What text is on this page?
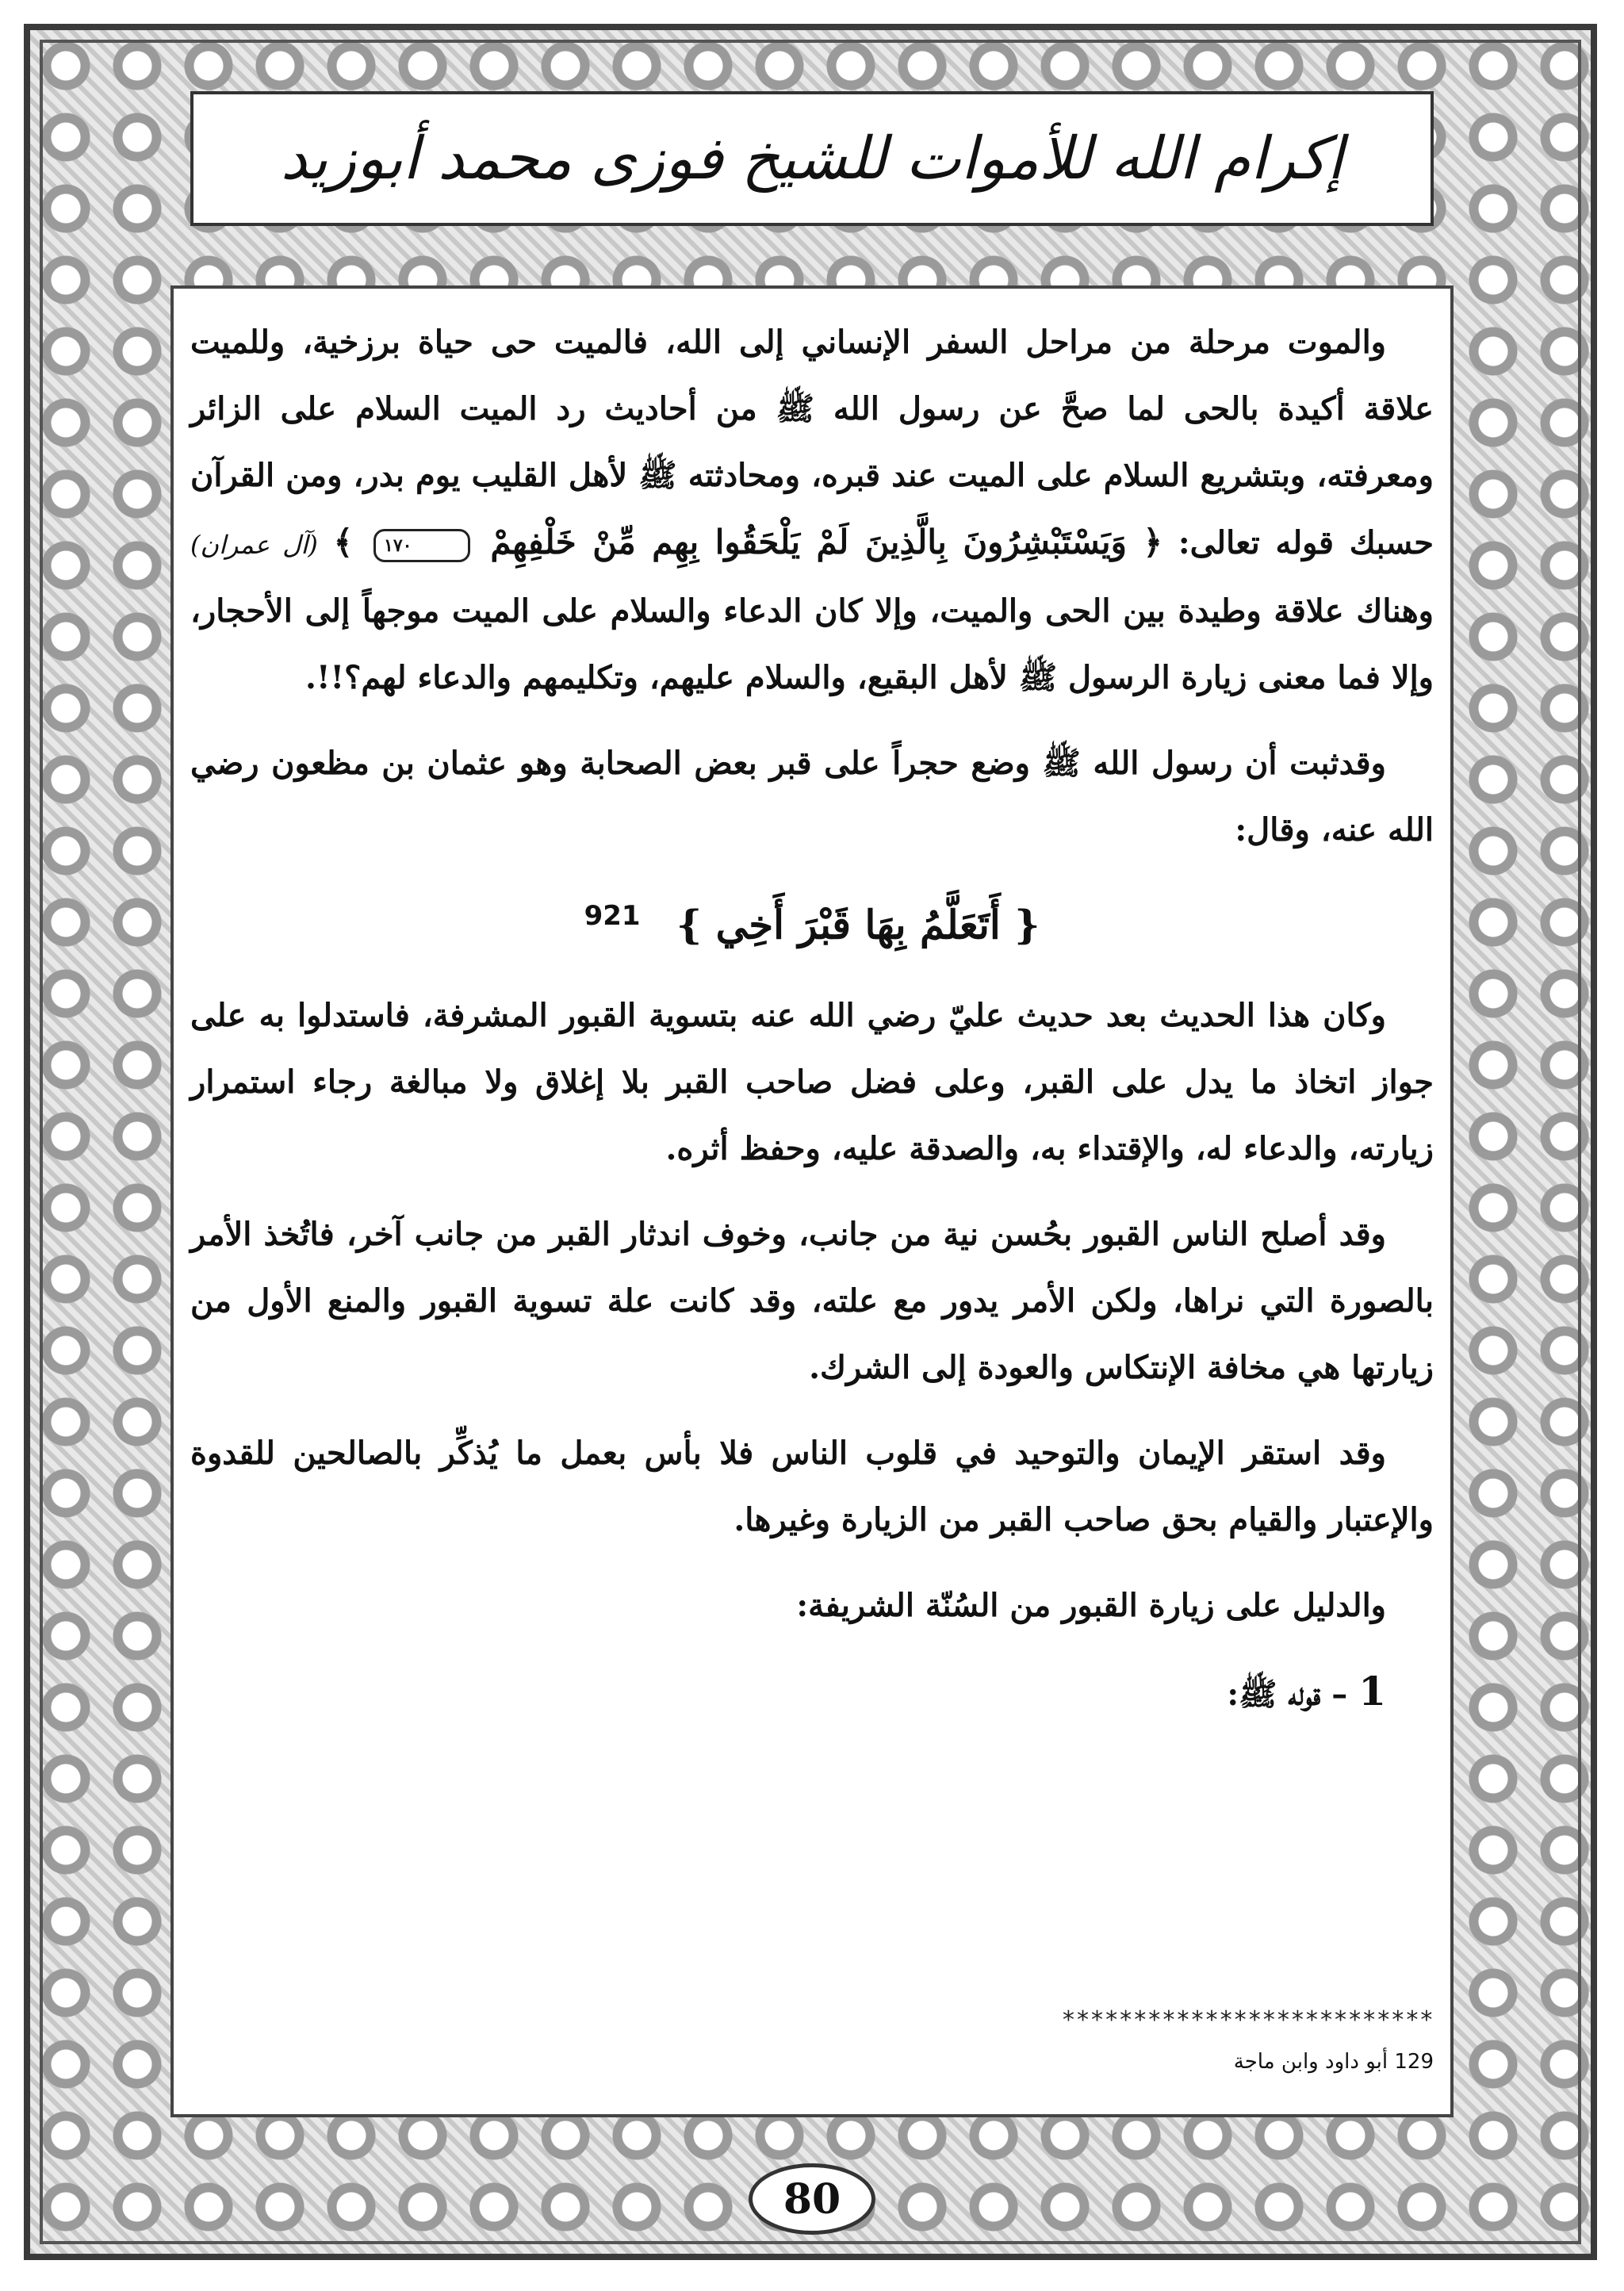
إكرام الله للأموات للشيخ فوزى محمد أبوزيد
والموت مرحلة من مراحل السفر الإنساني إلى الله، فالميت حى حياة برزخية، وللميت علاقة أكيدة بالحى لما صحَّ عن رسول الله ﷺ من أحاديث رد الميت السلام على الزائر ومعرفته، وبتشريع السلام على الميت عند قبره، ومحادثته ﷺ لأهل القليب يوم بدر، ومن القرآن حسبك قوله تعالى: ﴿ وَيَسْتَبْشِرُونَ بِالَّذِينَ لَمْ يَلْحَقُوا بِهِم مِّنْ خَلْفِهِمْ ١٧٠ ﴾ (آل عمران) وهناك علاقة وطيدة بين الحى والميت، وإلا كان الدعاء والسلام على الميت موجهاً إلى الأحجار، وإلا فما معنى زيارة الرسول ﷺ لأهل البقيع، والسلام عليهم، وتكليمهم والدعاء لهم؟!!.
وقدثبت أن رسول الله ﷺ وضع حجراً على قبر بعض الصحابة وهو عثمان بن مظعون رضي الله عنه، وقال:
{ أَتَعَلَّمُ بِهَا قَبْرَ أَخِي } $^{921}$
وكان هذا الحديث بعد حديث عليّ رضي الله عنه بتسوية القبور المشرفة، فاستدلوا به على جواز اتخاذ ما يدل على القبر، وعلى فضل صاحب القبر بلا إغلاق ولا مبالغة رجاء استمرار زيارته، والدعاء له، والإقتداء به، والصدقة عليه، وحفظ أثره.
وقد أصلح الناس القبور بحُسن نية من جانب، وخوف اندثار القبر من جانب آخر، فاتُخذ الأمر بالصورة التي نراها، ولكن الأمر يدور مع علته، وقد كانت علة تسوية القبور والمنع الأول من زيارتها هي مخافة الإنتكاس والعودة إلى الشرك.
وقد استقر الإيمان والتوحيد في قلوب الناس فلا بأس بعمل ما يُذكِّر بالصالحين للقدوة والإعتبار والقيام بحق صاحب القبر من الزيارة وغيرها.
والدليل على زيارة القبور من السُنّة الشريفة:
1 – قوله ﷺ:
**************************
129 أبو داود وابن ماجة
80
